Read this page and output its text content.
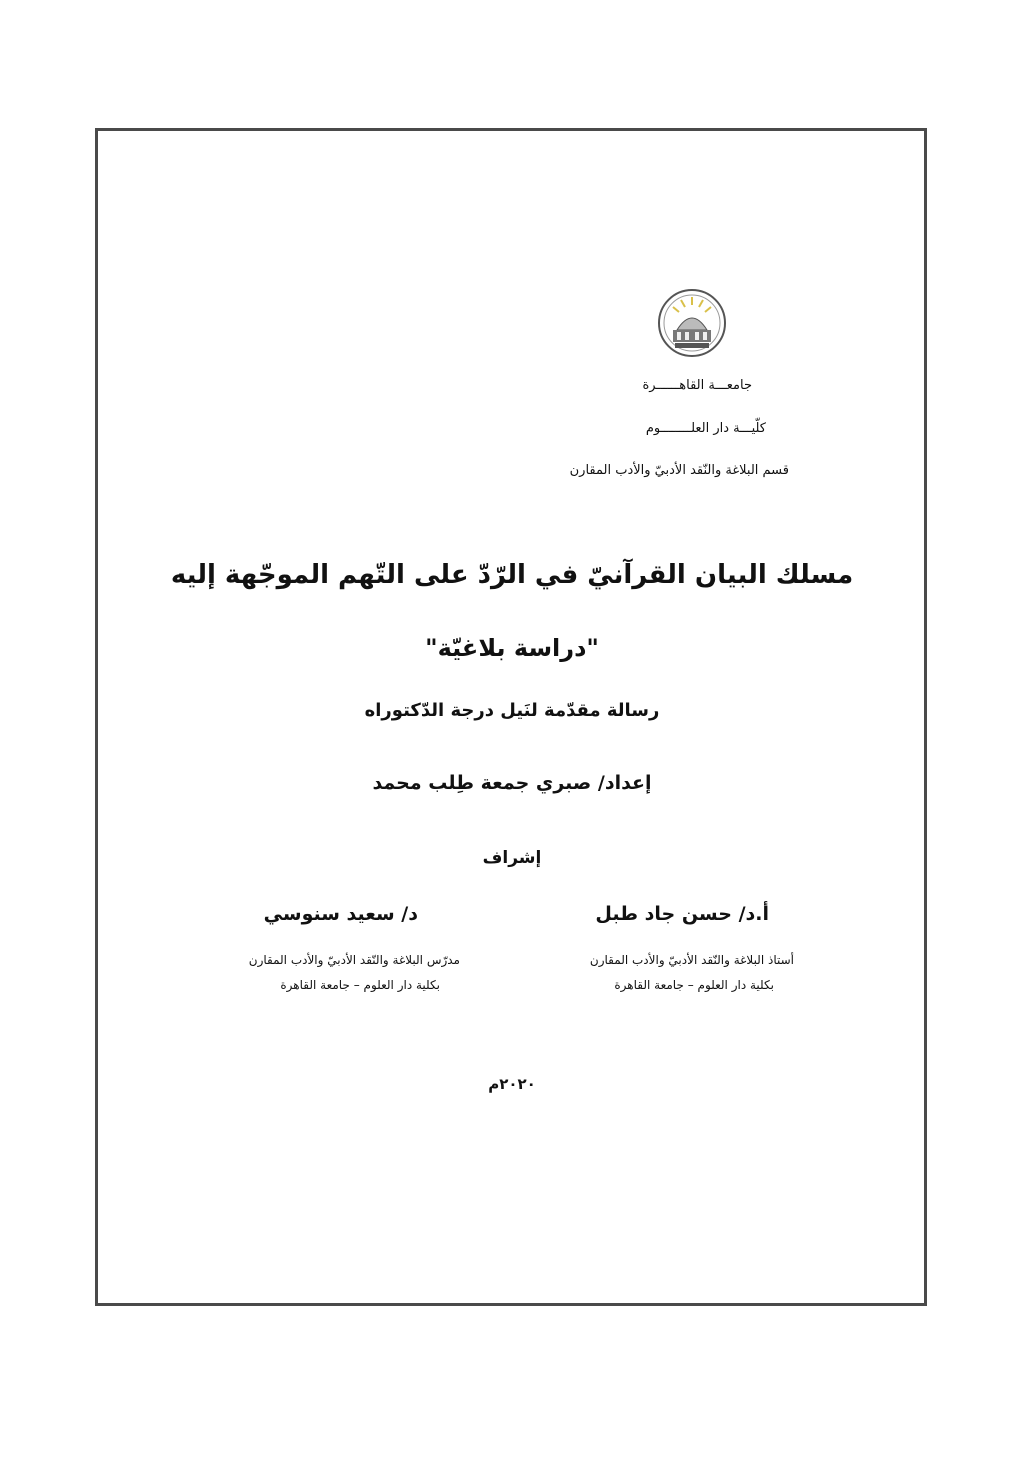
جامعـــة القاهــــــرة
كلّيـــة دار العلــــــــوم
قسم البلاغة والنّقد الأدبيّ والأدب المقارن
مسلك البيان القرآنيّ في الرّدّ على التّهم الموجّهة إليه
"دراسة بلاغيّة"
رسالة مقدّمة لنَيل درجة الدّكتوراه
إعداد/ صبري جمعة طِلب محمد
إشراف
أ.د/ حسن جاد طبل
أستاذ البلاغة والنّقد الأدبيّ والأدب المقارن
بكلية دار العلوم – جامعة القاهرة
د/ سعيد سنوسي
مدرّس البلاغة والنّقد الأدبيّ والأدب المقارن
بكلية دار العلوم – جامعة القاهرة
٢٠٢٠م
